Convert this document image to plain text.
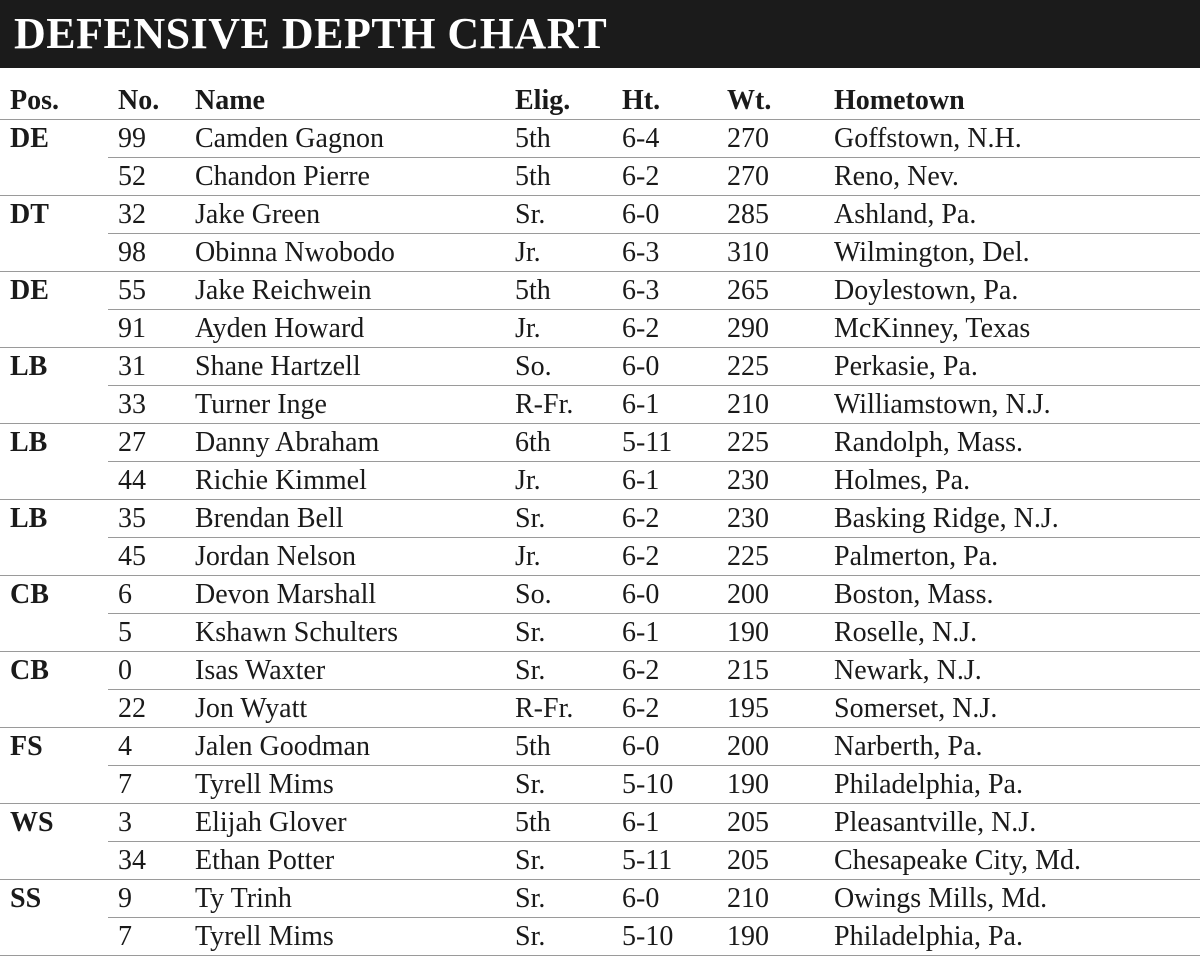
DEFENSIVE DEPTH CHART
Pos.	No.	Name	Elig.	Ht.	Wt.	Hometown
DE	99	Camden Gagnon	5th	6-4	270	Goffstown, N.H.
	52	Chandon Pierre	5th	6-2	270	Reno, Nev.
DT	32	Jake Green	Sr.	6-0	285	Ashland, Pa.
	98	Obinna Nwobodo	Jr.	6-3	310	Wilmington, Del.
DE	55	Jake Reichwein	5th	6-3	265	Doylestown, Pa.
	91	Ayden Howard	Jr.	6-2	290	McKinney, Texas
LB	31	Shane Hartzell	So.	6-0	225	Perkasie, Pa.
	33	Turner Inge	R-Fr.	6-1	210	Williamstown, N.J.
LB	27	Danny Abraham	6th	5-11	225	Randolph, Mass.
	44	Richie Kimmel	Jr.	6-1	230	Holmes, Pa.
LB	35	Brendan Bell	Sr.	6-2	230	Basking Ridge, N.J.
	45	Jordan Nelson	Jr.	6-2	225	Palmerton, Pa.
CB	6	Devon Marshall	So.	6-0	200	Boston, Mass.
	5	Kshawn Schulters	Sr.	6-1	190	Roselle, N.J.
CB	0	Isas Waxter	Sr.	6-2	215	Newark, N.J.
	22	Jon Wyatt	R-Fr.	6-2	195	Somerset, N.J.
FS	4	Jalen Goodman	5th	6-0	200	Narberth, Pa.
	7	Tyrell Mims	Sr.	5-10	190	Philadelphia, Pa.
WS	3	Elijah Glover	5th	6-1	205	Pleasantville, N.J.
	34	Ethan Potter	Sr.	5-11	205	Chesapeake City, Md.
SS	9	Ty Trinh	Sr.	6-0	210	Owings Mills, Md.
	7	Tyrell Mims	Sr.	5-10	190	Philadelphia, Pa.
